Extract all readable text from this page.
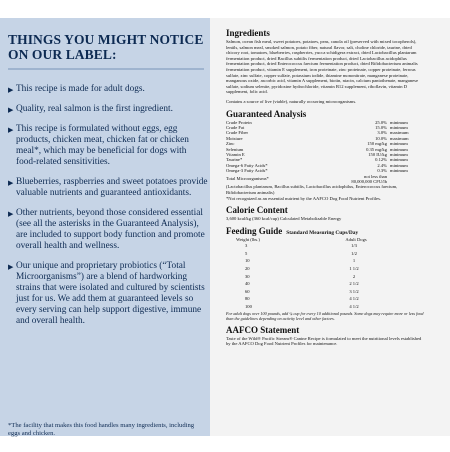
THINGS YOU MIGHT NOTICE ON OUR LABEL:
▶ This recipe is made for adult dogs.
▶ Quality, real salmon is the first ingredient.
▶ This recipe is formulated without eggs, egg products, chicken meat, chicken fat or chicken meal*, which may be beneficial for dogs with food-related sensitivities.
▶ Blueberries, raspberries and sweet potatoes provide valuable nutrients and guaranteed antioxidants.
▶ Other nutrients, beyond those considered essential (see all the asterisks in the Guaranteed Analysis), are included to support body function and promote overall health and wellness.
▶ Our unique and proprietary probiotics (“Total Microorganisms”) are a blend of hardworking strains that were isolated and cultured by scientists just for us. We add them at guaranteed levels so every serving can help support digestive, immune and overall health.
*The facility that makes this food handles many ingredients, including eggs and chicken.
Ingredients
Salmon, ocean fish meal, sweet potatoes, potatoes, peas, canola oil (preserved with mixed tocopherols), lentils, salmon meal, smoked salmon, potato fiber, natural flavor, salt, choline chloride, taurine, dried chicory root, tomatoes, blueberries, raspberries, yucca schidigera extract, dried Lactobacillus plantarum fermentation product, dried Bacillus subtilis fermentation product, dried Lactobacillus acidophilus fermentation product, dried Enterococcus faecium fermentation product, dried Bifidobacterium animalis fermentation product, vitamin E supplement, iron proteinate, zinc proteinate, copper proteinate, ferrous sulfate, zinc sulfate, copper sulfate, potassium iodide, thiamine mononitrate, manganese proteinate, manganous oxide, ascorbic acid, vitamin A supplement, biotin, niacin, calcium pantothenate, manganese sulfate, sodium selenite, pyridoxine hydrochloride, vitamin B12 supplement, riboflavin, vitamin D supplement, folic acid.
Contains a source of live (viable), naturally occurring microorganisms.
Guaranteed Analysis
Crude Protein	25.0%	minimum
Crude Fat	15.0%	minimum
Crude Fiber	3.0%	maximum
Moisture	10.0%	maximum
Zinc	150 mg/kg	minimum
Selenium	0.35 mg/kg	minimum
Vitamin E	150 IU/kg	minimum
Taurine*	0.12%	minimum
Omega-6 Fatty Acids*	2.4%	minimum
Omega-3 Fatty Acids*	0.3%	minimum
Total Microorganisms*	not less than 80,000,000 CFU/lb	
(Lactobacillus plantarum, Bacillus subtilis, Lactobacillus acidophilus, Enterococcus faecium, Bifidobacterium animalis)
*Not recognized as an essential nutrient by the AAFCO Dog Food Nutrient Profiles.
Calorie Content
3,600 kcal/kg (360 kcal/cup) Calculated Metabolizable Energy
Feeding Guide Standard Measuring Cups/Day
Weight (lbs.)	Adult Dogs
3	1/3
5	1/2
10	1
20	1 1/2
30	2
40	2 1/2
60	3 1/2
80	4 1/2
100	4 1/2
For adult dogs over 100 pounds, add ¼ cup for every 10 additional pounds. Some dogs may require more or less food than the guidelines depending on activity level and other factors.
AAFCO Statement
Taste of the Wild® Pacific Stream® Canine Recipe is formulated to meet the nutritional levels established by the AAFCO Dog Food Nutrient Profiles for maintenance.
